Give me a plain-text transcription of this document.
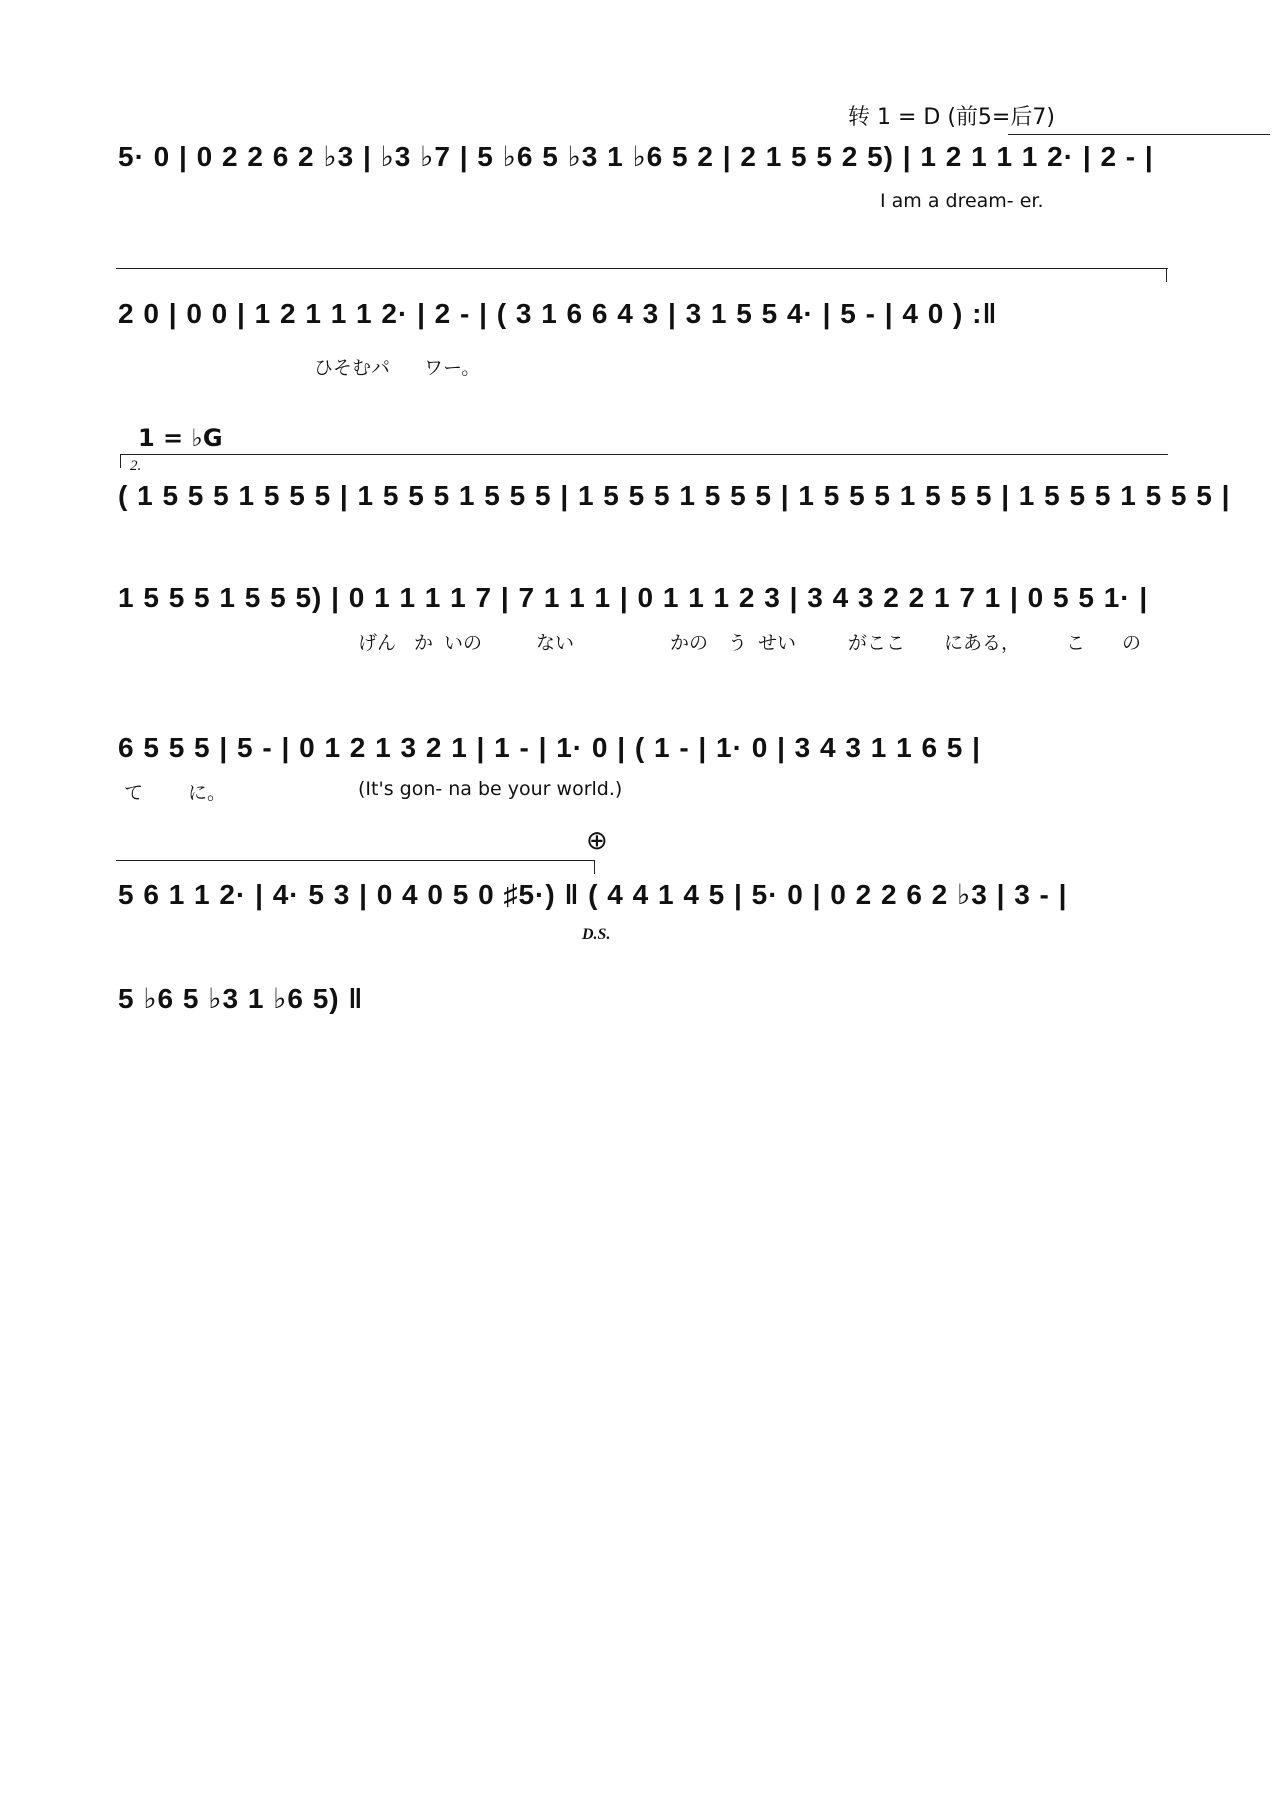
转 1 = D (前5=后7)
5· 0 | 0 2 2 6 2 ♭3 | ♭3 ♭7 | 5 ♭6 5 ♭3 1 ♭6 5 2 | 2 1 5 5 2 5) | 1 2 1 1 1 2· | 2 - |
I am a dream- er.
2 0 | 0 0 | 1 2 1 1 1 2· | 2 - | ( 3 1 6 6 4 3 | 3 1 5 5 4· | 5 - | 4 0 ) :‖
ひそむパ ワー。
1 = ♭G
2.
( 1 5 5 5 1 5 5 5 | 1 5 5 5 1 5 5 5 | 1 5 5 5 1 5 5 5 | 1 5 5 5 1 5 5 5 | 1 5 5 5 1 5 5 5 |
1 5 5 5 1 5 5 5) | 0 1 1 1 1 7 | 7 1 1 1 | 0 1 1 1 2 3 | 3 4 3 2 2 1 7 1 | 0 5 5 1· |
げん か いの	ない	かの う せい	がここ にある， こ の
6 5 5 5 | 5 - | 0 1 2 1 3 2 1 | 1 - | 1· 0 | ( 1 - | 1· 0 | 3 4 3 1 1 6 5 |
て に。	(It's gon- na be your world.)
⊕
5 6 1 1 2· | 4· 5 3 | 0 4 0 5 0 ♯5·) ‖ ( 4 4 1 4 5 | 5· 0 | 0 2 2 6 2 ♭3 | 3 - |
D.S.
5 ♭6 5 ♭3 1 ♭6 5) ‖
